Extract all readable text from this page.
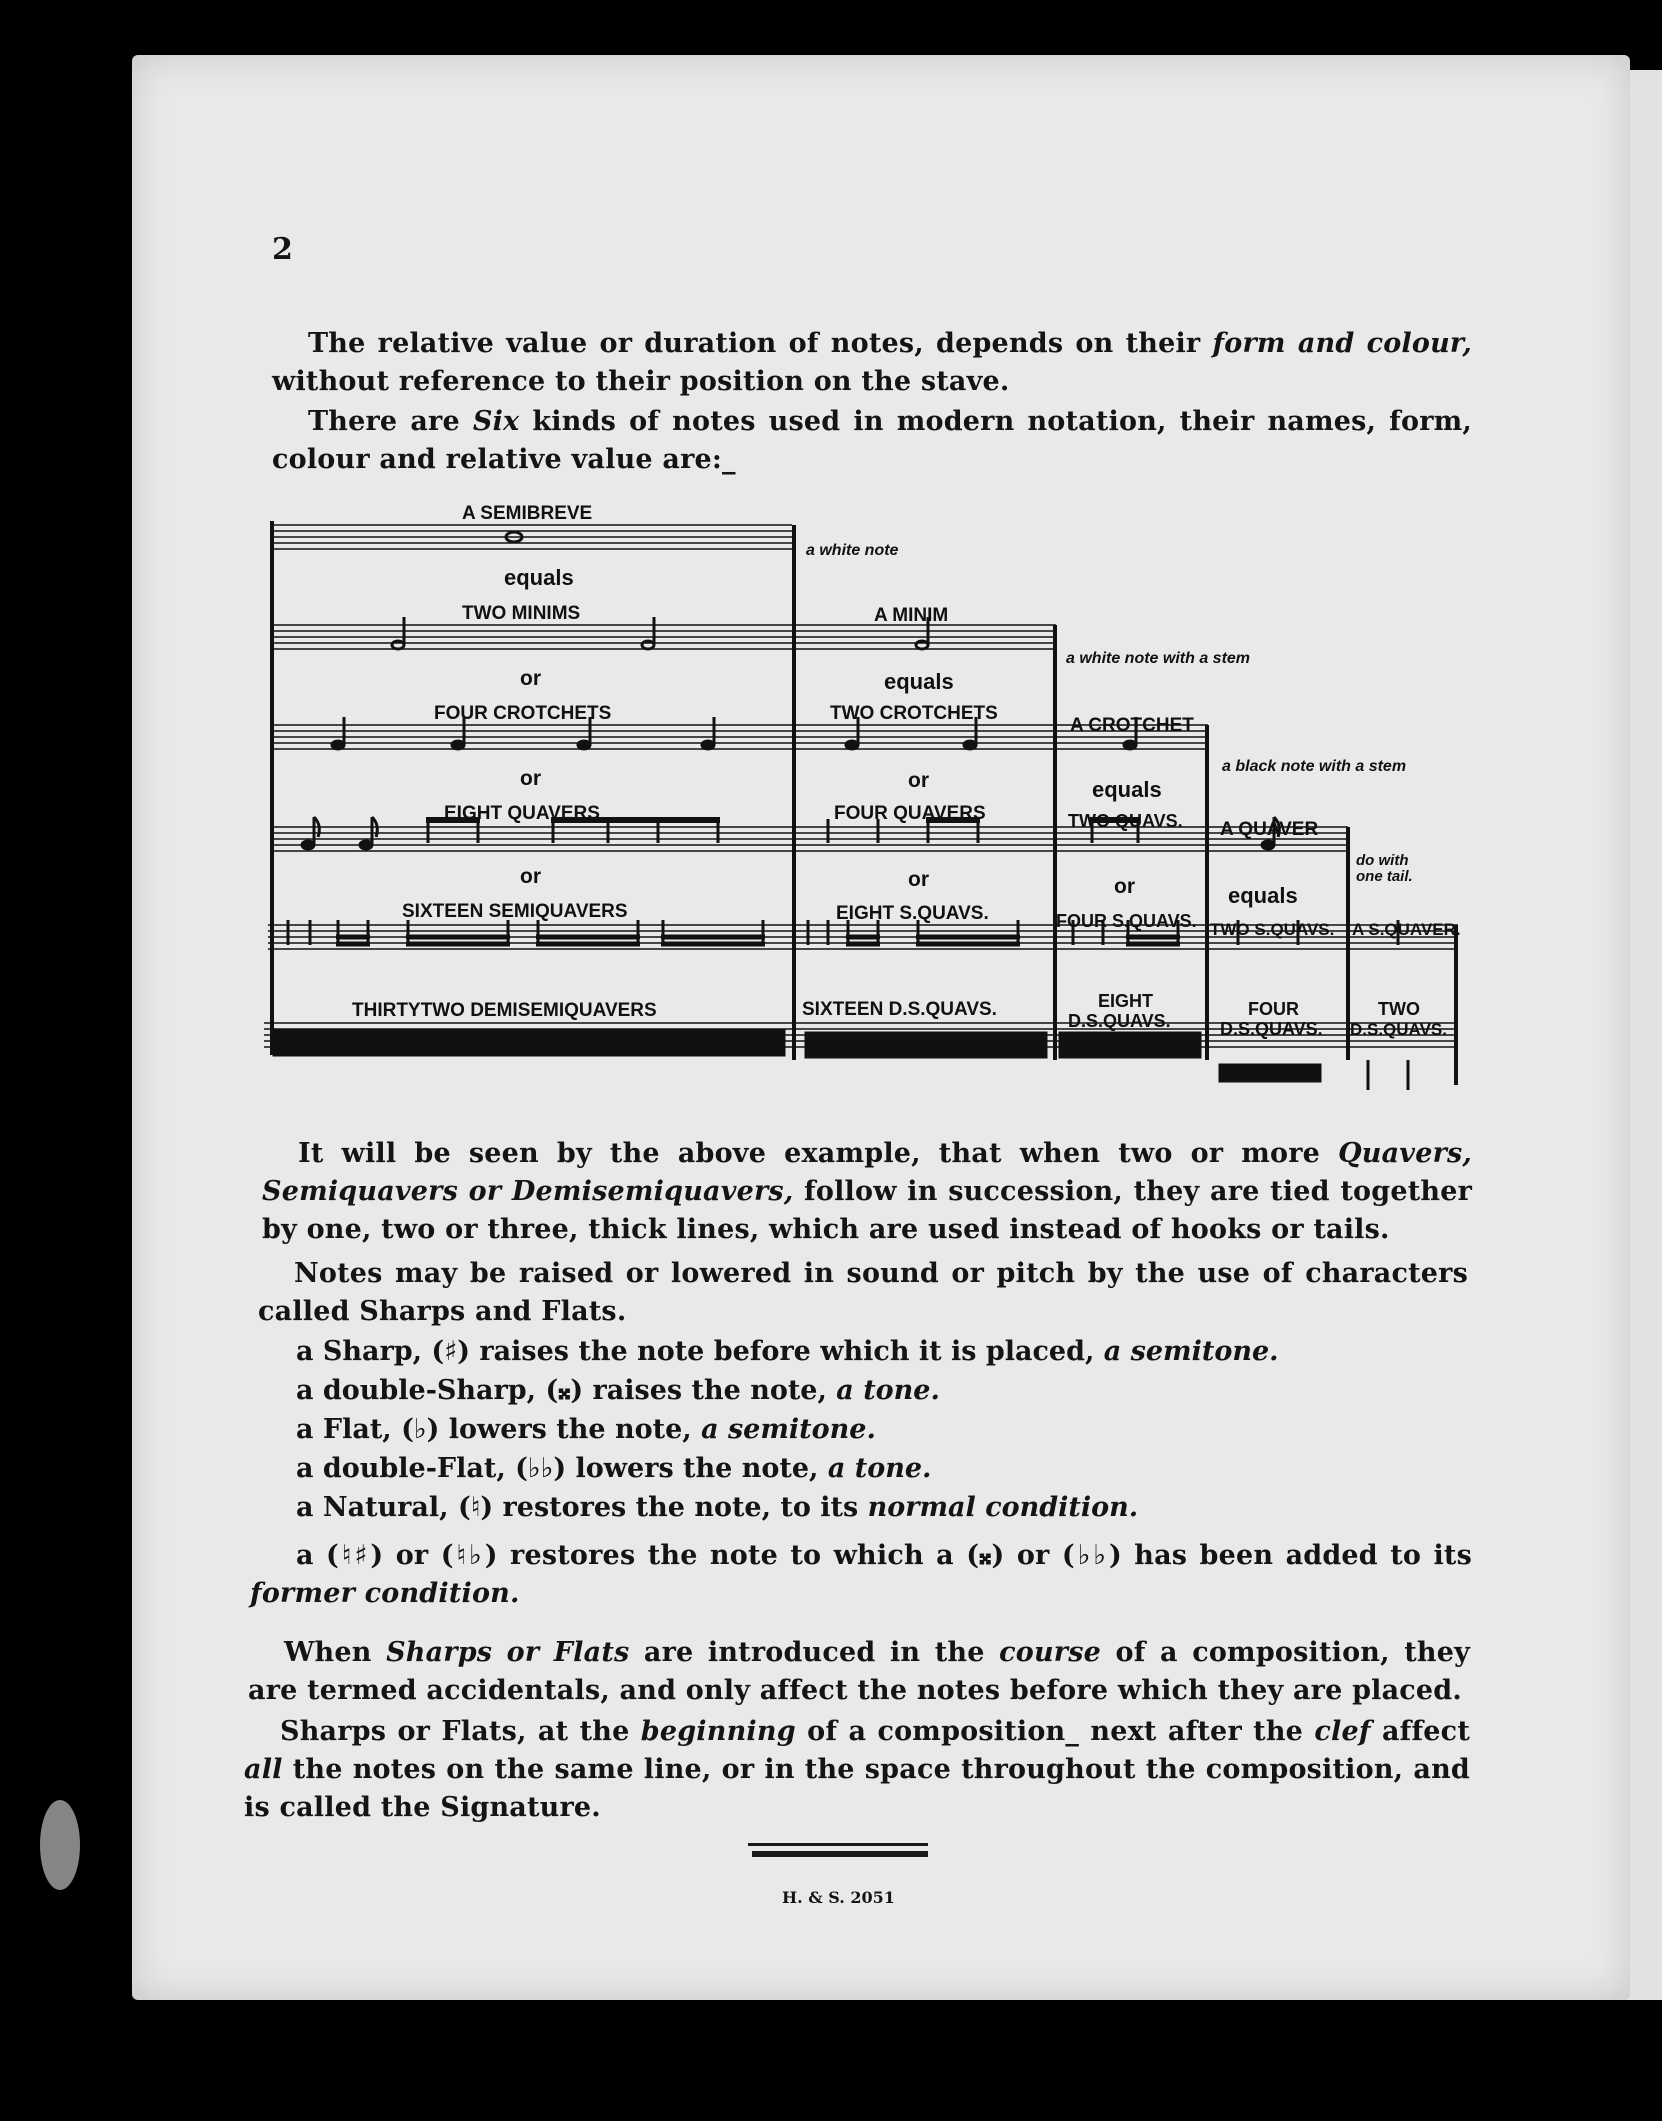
2
The relative value or duration of notes, depends on their form and colour, without reference to their position on the stave.
There are Six kinds of notes used in modern notation, their names, form, colour and relative value are:_
A SEMIBREVE
a white note
equals
TWO MINIMS
or
FOUR CROTCHETS
or
EIGHT QUAVERS
or
SIXTEEN SEMIQUAVERS
THIRTYTWO DEMISEMIQUAVERS
A MINIM
a white note with a stem
equals
TWO CROTCHETS
or
FOUR QUAVERS
or
EIGHT S.QUAVS.
SIXTEEN D.S.QUAVS.
A CROTCHET
a black note with a stem
equals
TWO QUAVS.
or
FOUR S.QUAVS.
EIGHT
D.S.QUAVS.
A QUAVER
do with
one tail.
equals
TWO S.QUAVS.
FOUR
D.S.QUAVS.
A S.QUAVER.
TWO
D.S.QUAVS.
It will be seen by the above example, that when two or more Quavers, Semiquavers or Demisemiquavers, follow in succession, they are tied together by one, two or three, thick lines, which are used instead of hooks or tails.
Notes may be raised or lowered in sound or pitch by the use of characters called Sharps and Flats.
a Sharp, (♯) raises the note before which it is placed, a semitone.
a double-Sharp, (𝄪) raises the note, a tone.
a Flat, (♭) lowers the note, a semitone.
a double-Flat, (♭♭) lowers the note, a tone.
a Natural, (♮) restores the note, to its normal condition.
a (♮♯) or (♮♭) restores the note to which a (𝄪) or (♭♭) has been added to its former condition.
When Sharps or Flats are introduced in the course of a composition, they are termed accidentals, and only affect the notes before which they are placed.
Sharps or Flats, at the beginning of a composition_ next after the clef affect all the notes on the same line, or in the space throughout the composition, and is called the Signature.
H. & S. 2051
